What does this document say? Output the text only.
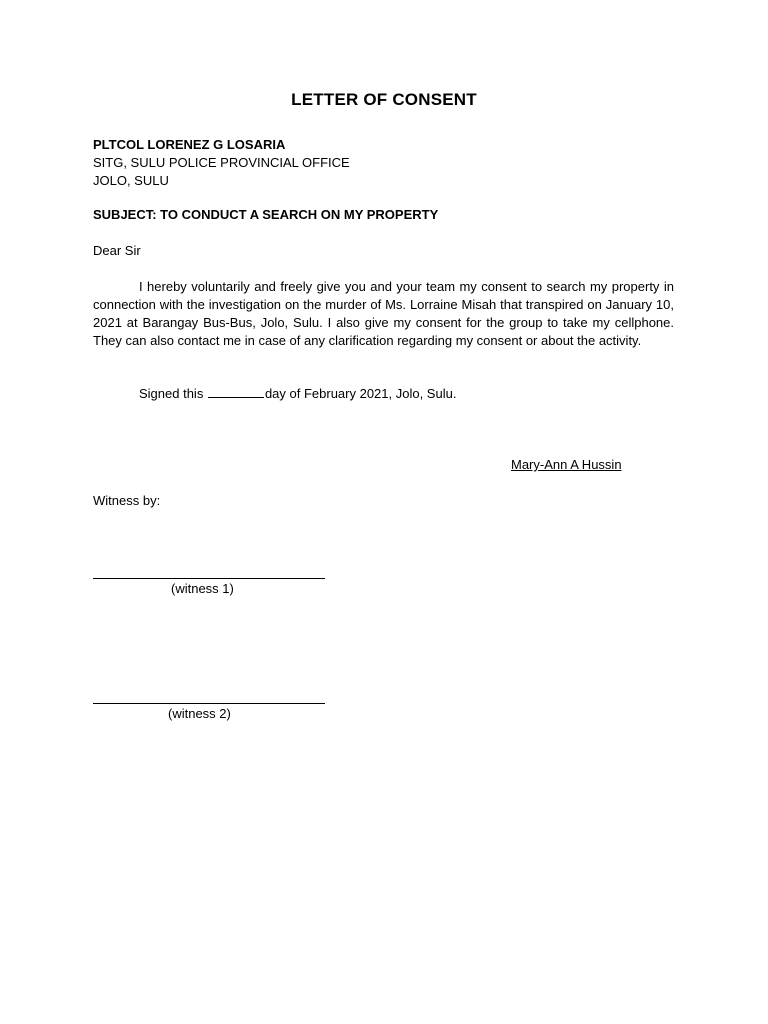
LETTER OF CONSENT
PLTCOL LORENEZ G LOSARIA
SITG, SULU POLICE PROVINCIAL OFFICE
JOLO, SULU
SUBJECT: TO CONDUCT A SEARCH ON MY PROPERTY
Dear Sir
I hereby voluntarily and freely give you and your team my consent to search my property in connection with the investigation on the murder of Ms. Lorraine Misah that transpired on January 10, 2021 at Barangay Bus-Bus, Jolo, Sulu. I also give my consent for the group to take my cellphone. They can also contact me in case of any clarification regarding my consent or about the activity.
Signed this	day of February 2021, Jolo, Sulu.
Mary-Ann A Hussin
Witness by:
(witness 1)
(witness 2)
